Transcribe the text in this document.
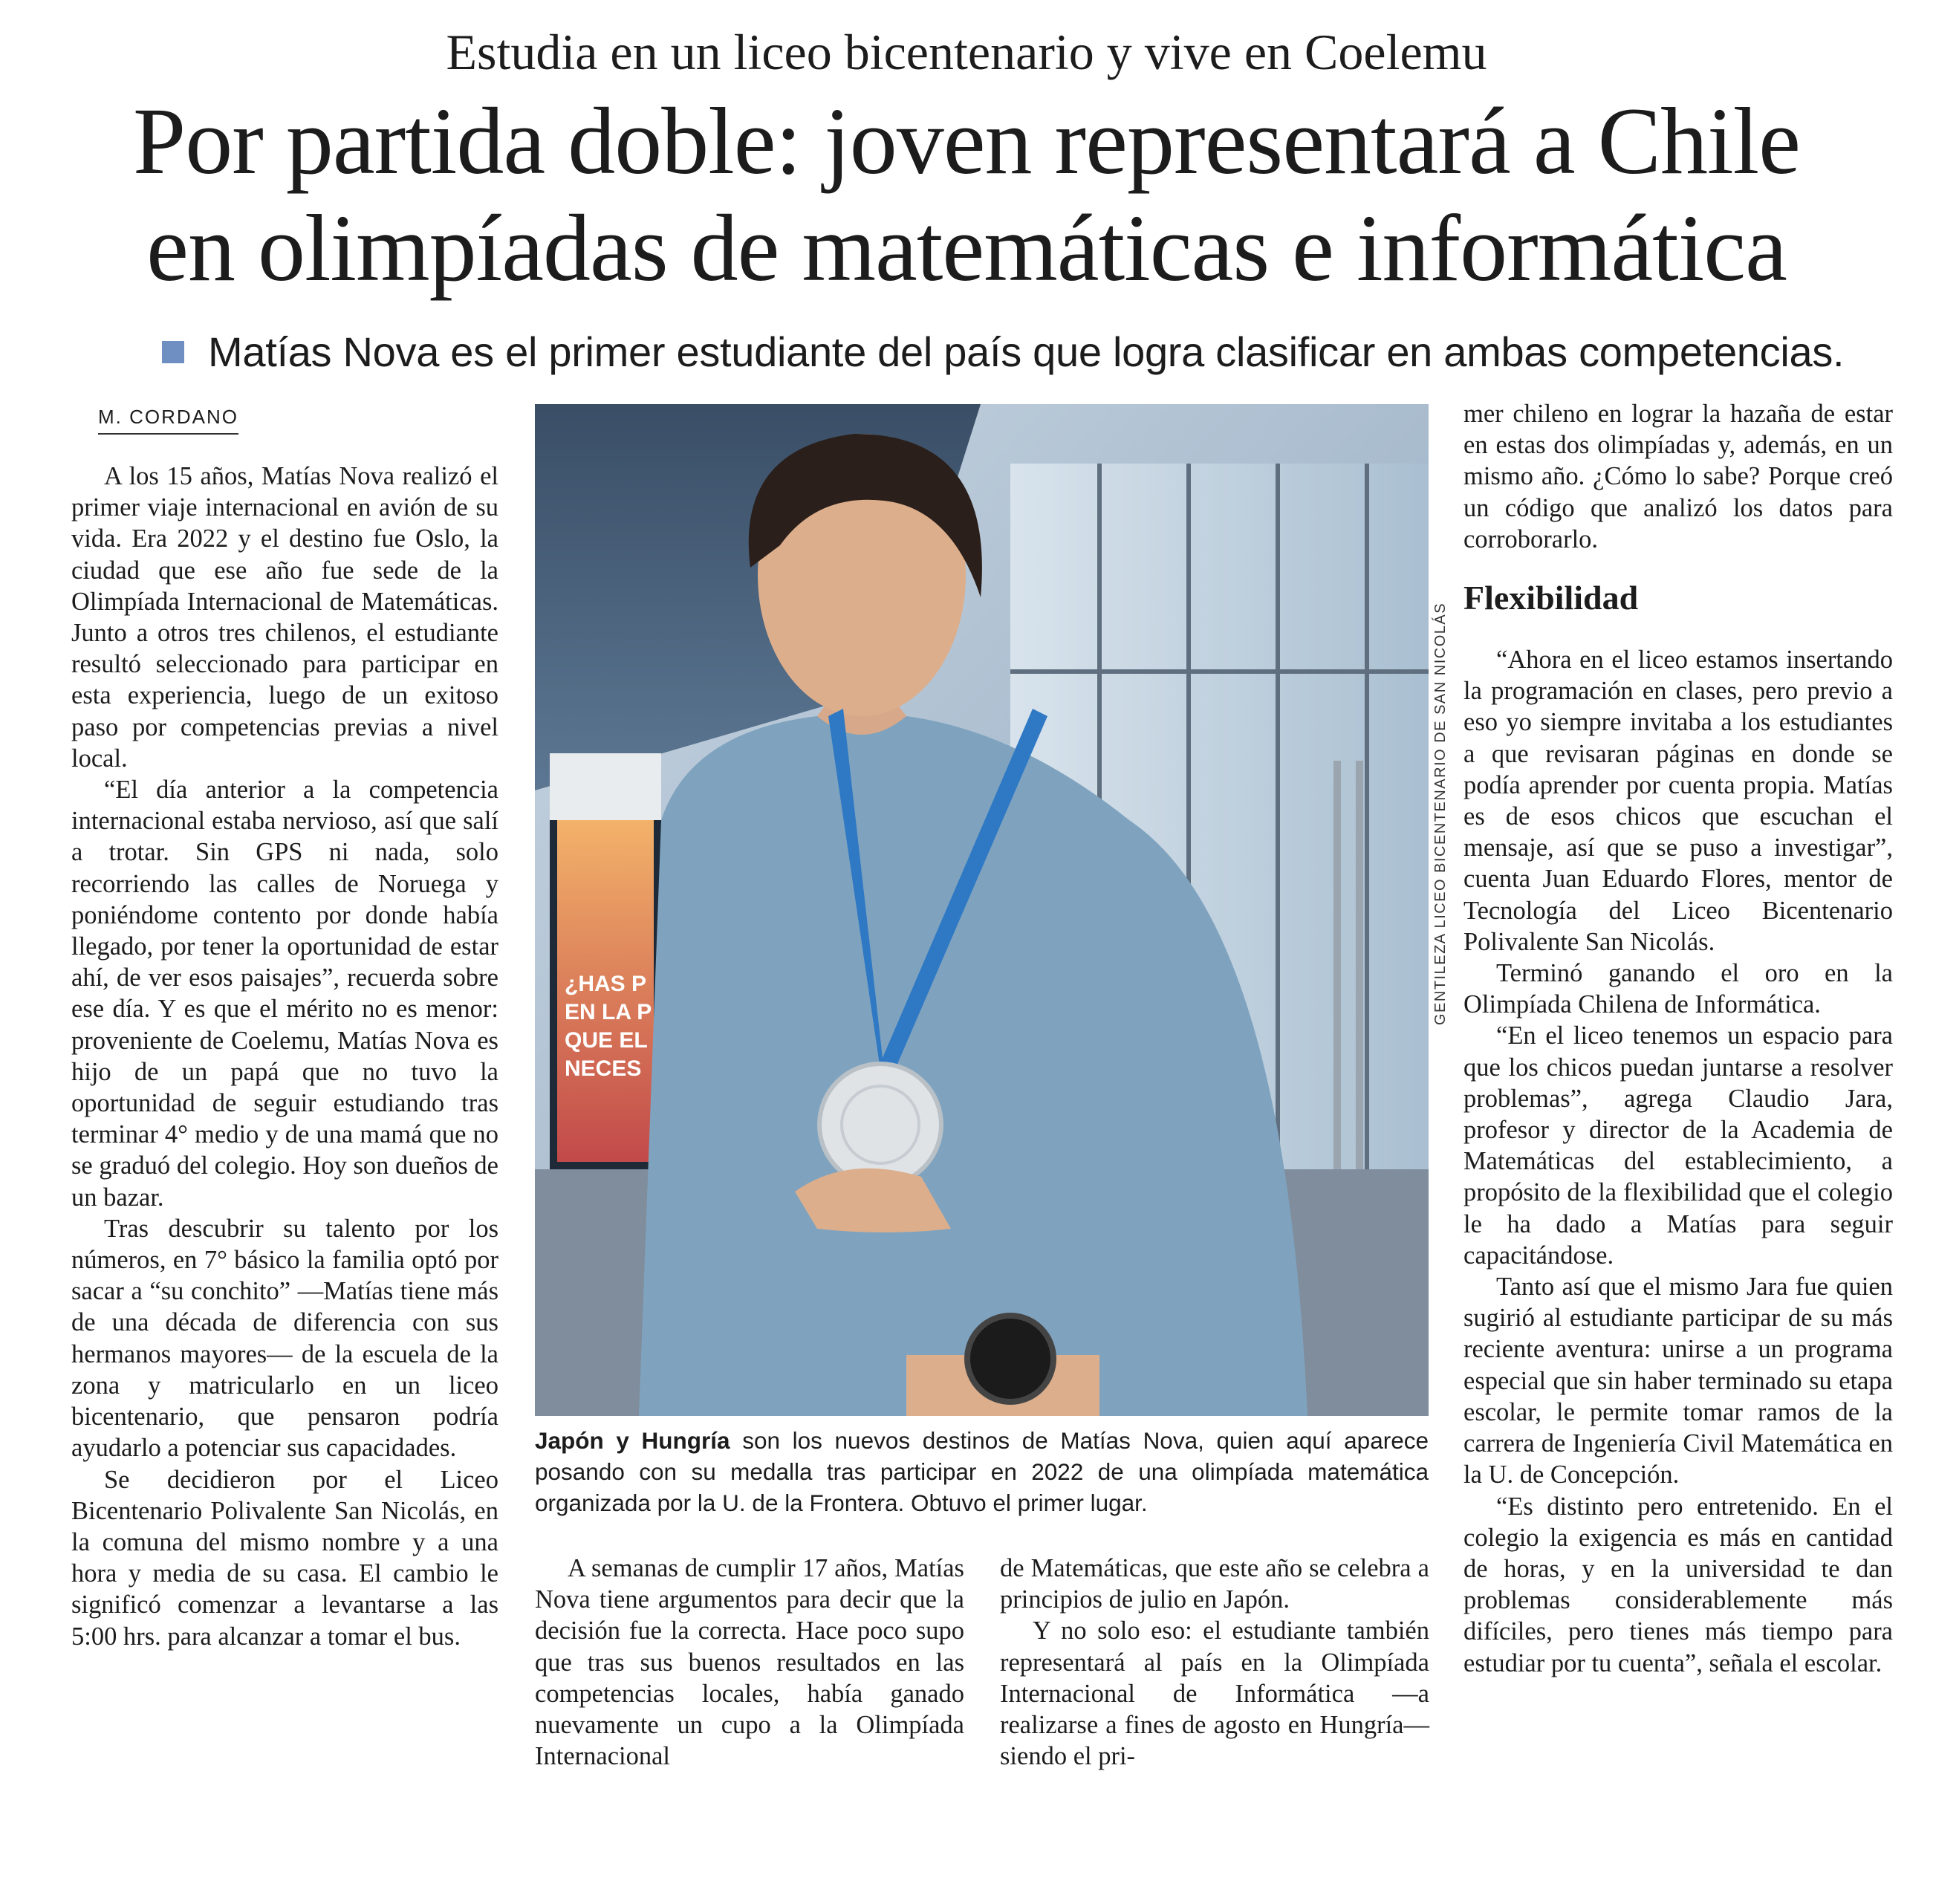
Estudia en un liceo bicentenario y vive en Coelemu
Por partida doble: joven representará a Chile
en olimpíadas de matemáticas e informática
Matías Nova es el primer estudiante del país que logra clasificar en ambas competencias.
M. CORDANO

A los 15 años, Matías Nova realizó el primer viaje internacional en avión de su vida. Era 2022 y el destino fue Oslo, la ciudad que ese año fue sede de la Olimpíada Internacional de Matemáticas. Junto a otros tres chilenos, el estudiante resultó seleccionado para participar en esta experiencia, luego de un exitoso paso por competencias previas a nivel local.

“El día anterior a la competencia internacional estaba nervioso, así que salí a trotar. Sin GPS ni nada, solo recorriendo las calles de Noruega y poniéndome contento por donde había llegado, por tener la oportunidad de estar ahí, de ver esos paisajes”, recuerda sobre ese día. Y es que el mérito no es menor: proveniente de Coelemu, Matías Nova es hijo de un papá que no tuvo la oportunidad de seguir estudiando tras terminar 4° medio y de una mamá que no se graduó del colegio. Hoy son dueños de un bazar.

Tras descubrir su talento por los números, en 7° básico la familia optó por sacar a “su conchito” —Matías tiene más de una década de diferencia con sus hermanos mayores— de la escuela de la zona y matricularlo en un liceo bicentenario, que pensaron podría ayudarlo a potenciar sus capacidades.

Se decidieron por el Liceo Bicentenario Polivalente San Nicolás, en la comuna del mismo nombre y a una hora y media de su casa. El cambio le significó comenzar a levantarse a las 5:00 hrs. para alcanzar a tomar el bus.

¿HAS P
EN LA P
QUE EL
NECES
GENTILEZA LICEO BICENTENARIO DE SAN NICOLÁS
Japón y Hungría son los nuevos destinos de Matías Nova, quien aquí aparece posando con su medalla tras participar en 2022 de una olimpíada matemática organizada por la U. de la Frontera. Obtuvo el primer lugar.

A semanas de cumplir 17 años, Matías Nova tiene argumentos para decir que la decisión fue la correcta. Hace poco supo que tras sus buenos resultados en las competencias locales, había ganado nuevamente un cupo a la Olimpíada Internacional

de Matemáticas, que este año se celebra a principios de julio en Japón.

Y no solo eso: el estudiante también representará al país en la Olimpíada Internacional de Informática —a realizarse a fines de agosto en Hungría— siendo el pri-

mer chileno en lograr la hazaña de estar en estas dos olimpíadas y, además, en un mismo año. ¿Cómo lo sabe? Porque creó un código que analizó los datos para corroborarlo.

Flexibilidad

“Ahora en el liceo estamos insertando la programación en clases, pero previo a eso yo siempre invitaba a los estudiantes a que revisaran páginas en donde se podía aprender por cuenta propia. Matías es de esos chicos que escuchan el mensaje, así que se puso a investigar”, cuenta Juan Eduardo Flores, mentor de Tecnología del Liceo Bicentenario Polivalente San Nicolás.

Terminó ganando el oro en la Olimpíada Chilena de Informática.

“En el liceo tenemos un espacio para que los chicos puedan juntarse a resolver problemas”, agrega Claudio Jara, profesor y director de la Academia de Matemáticas del establecimiento, a propósito de la flexibilidad que el colegio le ha dado a Matías para seguir capacitándose.

Tanto así que el mismo Jara fue quien sugirió al estudiante participar de su más reciente aventura: unirse a un programa especial que sin haber terminado su etapa escolar, le permite tomar ramos de la carrera de Ingeniería Civil Matemática en la U. de Concepción.

“Es distinto pero entretenido. En el colegio la exigencia es más en cantidad de horas, y en la universidad te dan problemas considerablemente más difíciles, pero tienes más tiempo para estudiar por tu cuenta”, señala el escolar.
